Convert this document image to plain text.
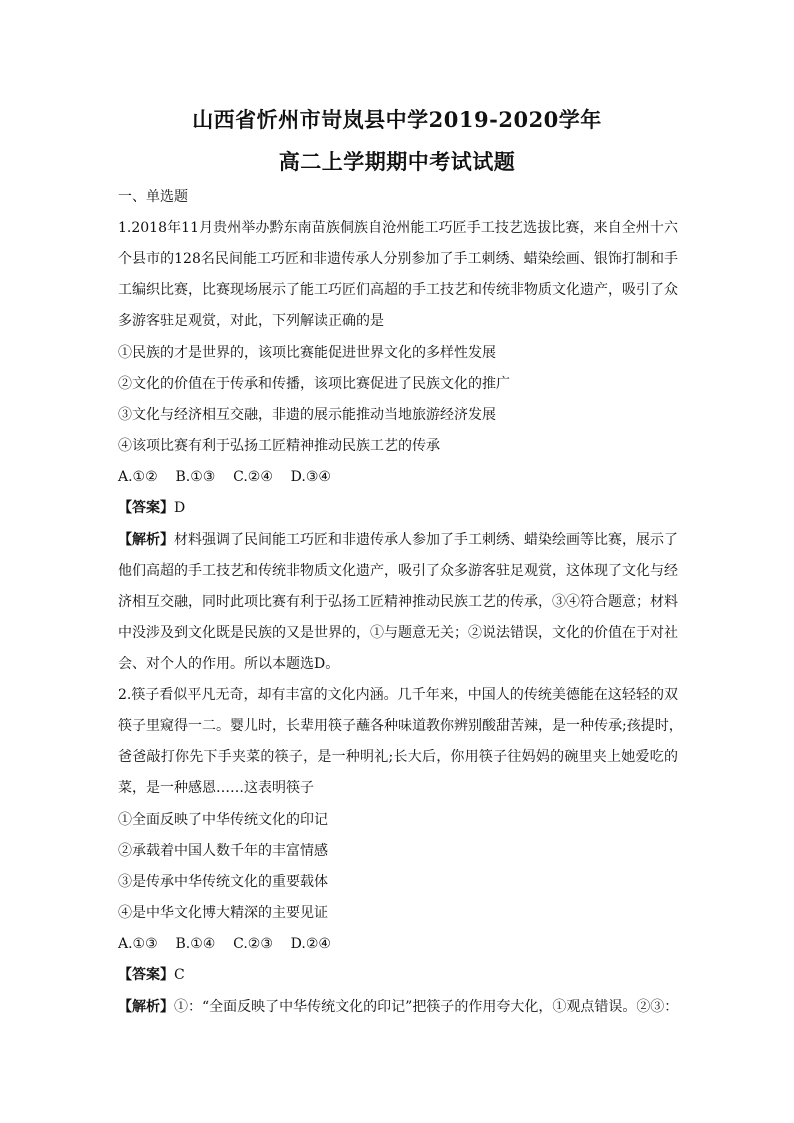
山西省忻州市岢岚县中学2019-2020学年
高二上学期期中考试试题
一、单选题
1.2018年11月贵州举办黔东南苗族侗族自沧州能工巧匠手工技艺选拔比赛，来自全州十六
个县市的128名民间能工巧匠和非遗传承人分别参加了手工刺绣、蜡染绘画、银饰打制和手
工编织比赛，比赛现场展示了能工巧匠们高超的手工技艺和传统非物质文化遗产，吸引了众
多游客驻足观赏，对此，下列解读正确的是
①民族的才是世界的，该项比赛能促进世界文化的多样性发展
②文化的价值在于传承和传播，该项比赛促进了民族文化的推广
③文化与经济相互交融，非遗的展示能推动当地旅游经济发展
④该项比赛有利于弘扬工匠精神推动民族工艺的传承
A.①②    B.①③    C.②④    D.③④
【答案】D
【解析】材料强调了民间能工巧匠和非遗传承人参加了手工刺绣、蜡染绘画等比赛，展示了
他们高超的手工技艺和传统非物质文化遗产，吸引了众多游客驻足观赏，这体现了文化与经
济相互交融，同时此项比赛有利于弘扬工匠精神推动民族工艺的传承，③④符合题意；材料
中没涉及到文化既是民族的又是世界的，①与题意无关；②说法错误，文化的价值在于对社
会、对个人的作用。所以本题选D。
2.筷子看似平凡无奇，却有丰富的文化内涵。几千年来，中国人的传统美德能在这轻轻的双
筷子里窥得一二。婴儿时，长辈用筷子蘸各种味道教你辨别酸甜苦辣，是一种传承;孩提时，
爸爸敲打你先下手夹菜的筷子，是一种明礼;长大后，你用筷子往妈妈的碗里夹上她爱吃的
菜，是一种感恩……这表明筷子
①全面反映了中华传统文化的印记
②承载着中国人数千年的丰富情感
③是传承中华传统文化的重要载体
④是中华文化博大精深的主要见证
A.①③    B.①④    C.②③    D.②④
【答案】C
【解析】①：“全面反映了中华传统文化的印记”把筷子的作用夸大化，①观点错误。②③：
